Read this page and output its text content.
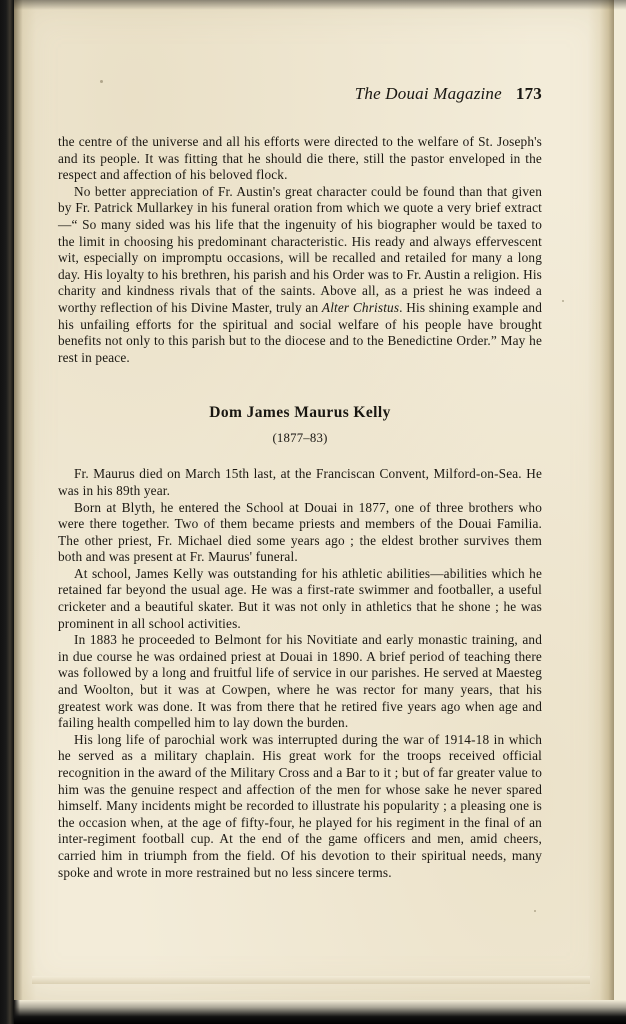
The Douai Magazine 173

the centre of the universe and all his efforts were directed to the welfare of St. Joseph's and its people. It was fitting that he should die there, still the pastor enveloped in the respect and affection of his beloved flock.

No better appreciation of Fr. Austin's great character could be found than that given by Fr. Patrick Mullarkey in his funeral oration from which we quote a very brief extract—“ So many sided was his life that the ingenuity of his biographer would be taxed to the limit in choosing his predominant characteristic. His ready and always effervescent wit, especially on impromptu occasions, will be recalled and retailed for many a long day. His loyalty to his brethren, his parish and his Order was to Fr. Austin a religion. His charity and kindness rivals that of the saints. Above all, as a priest he was indeed a worthy reflection of his Divine Master, truly an Alter Christus. His shining example and his unfailing efforts for the spiritual and social welfare of his people have brought benefits not only to this parish but to the diocese and to the Benedictine Order.” May he rest in peace.

Dom James Maurus Kelly
(1877–83)

Fr. Maurus died on March 15th last, at the Franciscan Convent, Milford-on-Sea. He was in his 89th year.

Born at Blyth, he entered the School at Douai in 1877, one of three brothers who were there together. Two of them became priests and members of the Douai Familia. The other priest, Fr. Michael died some years ago ; the eldest brother survives them both and was present at Fr. Maurus' funeral.

At school, James Kelly was outstanding for his athletic abilities—abilities which he retained far beyond the usual age. He was a first-rate swimmer and footballer, a useful cricketer and a beautiful skater. But it was not only in athletics that he shone ; he was prominent in all school activities.

In 1883 he proceeded to Belmont for his Novitiate and early monastic training, and in due course he was ordained priest at Douai in 1890. A brief period of teaching there was followed by a long and fruitful life of service in our parishes. He served at Maesteg and Woolton, but it was at Cowpen, where he was rector for many years, that his greatest work was done. It was from there that he retired five years ago when age and failing health compelled him to lay down the burden.

His long life of parochial work was interrupted during the war of 1914-18 in which he served as a military chaplain. His great work for the troops received official recognition in the award of the Military Cross and a Bar to it ; but of far greater value to him was the genuine respect and affection of the men for whose sake he never spared himself. Many incidents might be recorded to illustrate his popularity ; a pleasing one is the occasion when, at the age of fifty-four, he played for his regiment in the final of an inter-regiment football cup. At the end of the game officers and men, amid cheers, carried him in triumph from the field. Of his devotion to their spiritual needs, many spoke and wrote in more restrained but no less sincere terms.
